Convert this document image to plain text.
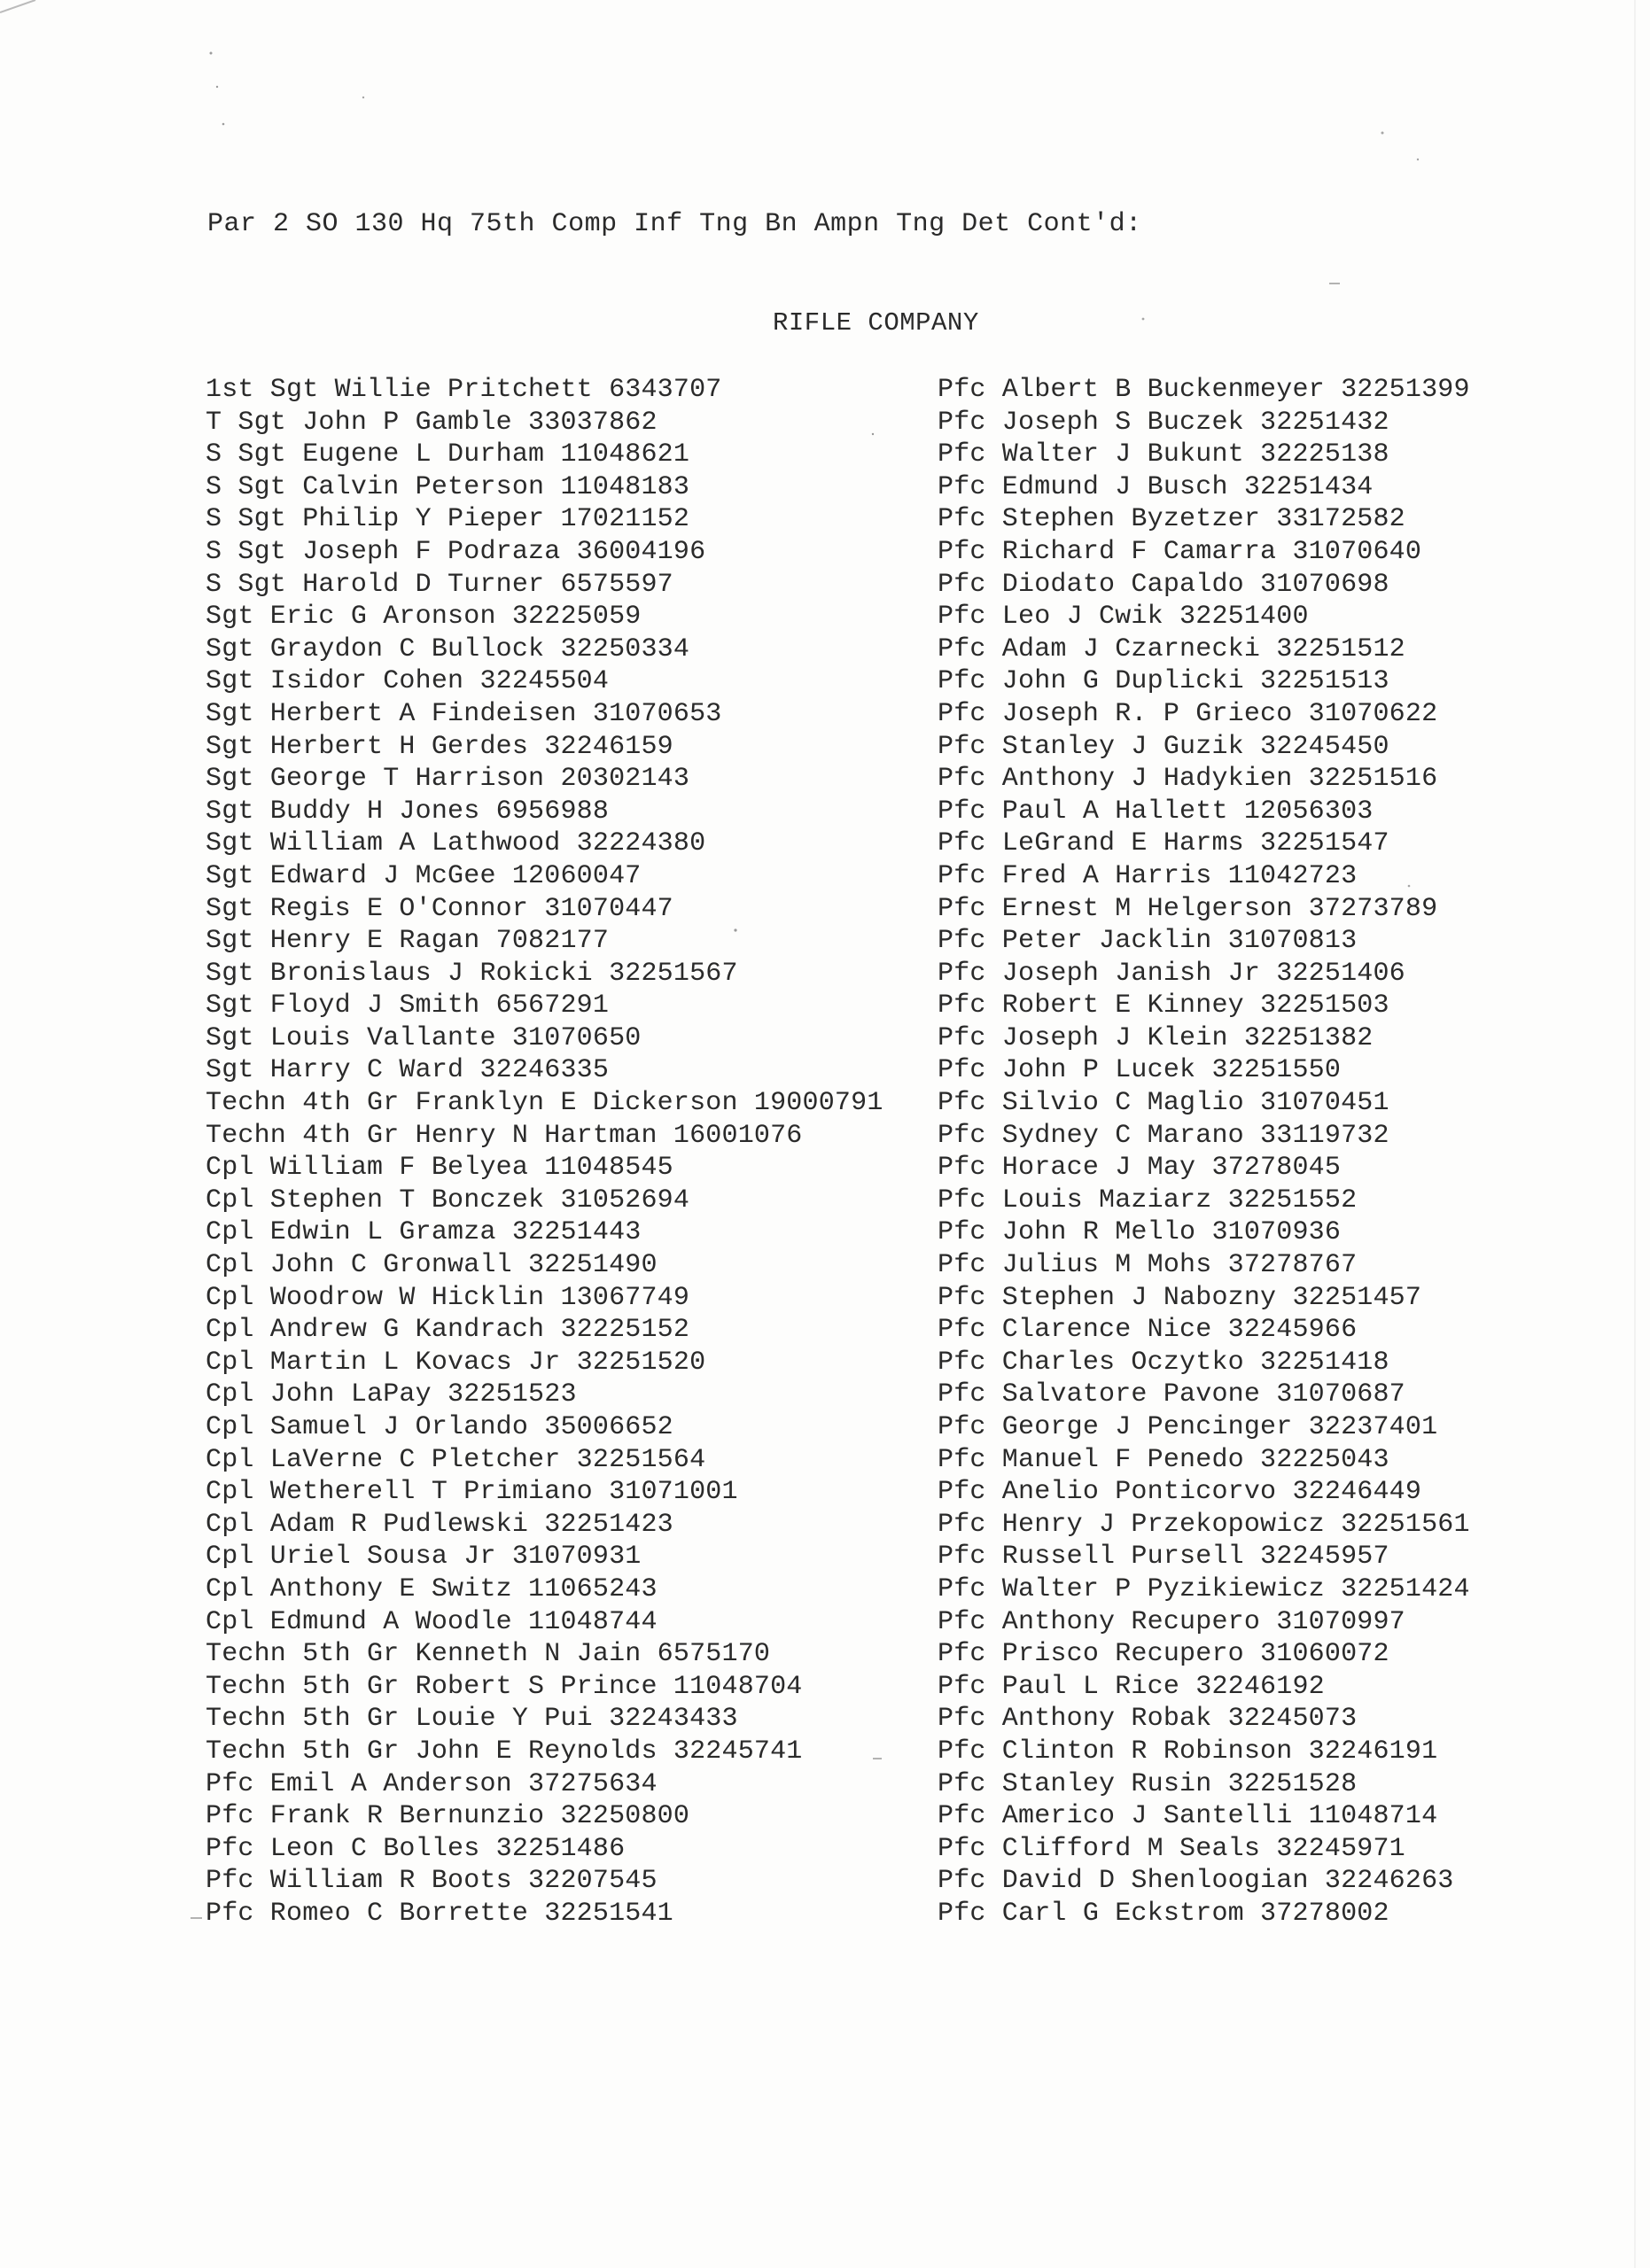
Par 2 SO 130 Hq 75th Comp Inf Tng Bn Ampn Tng Det Cont'd:
RIFLE COMPANY
1st Sgt Willie Pritchett 6343707
T Sgt John P Gamble 33037862
S Sgt Eugene L Durham 11048621
S Sgt Calvin Peterson 11048183
S Sgt Philip Y Pieper 17021152
S Sgt Joseph F Podraza 36004196
S Sgt Harold D Turner 6575597
Sgt Eric G Aronson 32225059
Sgt Graydon C Bullock 32250334
Sgt Isidor Cohen 32245504
Sgt Herbert A Findeisen 31070653
Sgt Herbert H Gerdes 32246159
Sgt George T Harrison 20302143
Sgt Buddy H Jones 6956988
Sgt William A Lathwood 32224380
Sgt Edward J McGee 12060047
Sgt Regis E O'Connor 31070447
Sgt Henry E Ragan 7082177
Sgt Bronislaus J Rokicki 32251567
Sgt Floyd J Smith 6567291
Sgt Louis Vallante 31070650
Sgt Harry C Ward 32246335
Techn 4th Gr Franklyn E Dickerson 19000791
Techn 4th Gr Henry N Hartman 16001076
Cpl William F Belyea 11048545
Cpl Stephen T Bonczek 31052694
Cpl Edwin L Gramza 32251443
Cpl John C Gronwall 32251490
Cpl Woodrow W Hicklin 13067749
Cpl Andrew G Kandrach 32225152
Cpl Martin L Kovacs Jr 32251520
Cpl John LaPay 32251523
Cpl Samuel J Orlando 35006652
Cpl LaVerne C Pletcher 32251564
Cpl Wetherell T Primiano 31071001
Cpl Adam R Pudlewski 32251423
Cpl Uriel Sousa Jr 31070931
Cpl Anthony E Switz 11065243
Cpl Edmund A Woodle 11048744
Techn 5th Gr Kenneth N Jain 6575170
Techn 5th Gr Robert S Prince 11048704
Techn 5th Gr Louie Y Pui 32243433
Techn 5th Gr John E Reynolds 32245741
Pfc Emil A Anderson 37275634
Pfc Frank R Bernunzio 32250800
Pfc Leon C Bolles 32251486
Pfc William R Boots 32207545
Pfc Romeo C Borrette 32251541
Pfc Albert B Buckenmeyer 32251399
Pfc Joseph S Buczek 32251432
Pfc Walter J Bukunt 32225138
Pfc Edmund J Busch 32251434
Pfc Stephen Byzetzer 33172582
Pfc Richard F Camarra 31070640
Pfc Diodato Capaldo 31070698
Pfc Leo J Cwik 32251400
Pfc Adam J Czarnecki 32251512
Pfc John G Duplicki 32251513
Pfc Joseph R. P Grieco 31070622
Pfc Stanley J Guzik 32245450
Pfc Anthony J Hadykien 32251516
Pfc Paul A Hallett 12056303
Pfc LeGrand E Harms 32251547
Pfc Fred A Harris 11042723
Pfc Ernest M Helgerson 37273789
Pfc Peter Jacklin 31070813
Pfc Joseph Janish Jr 32251406
Pfc Robert E Kinney 32251503
Pfc Joseph J Klein 32251382
Pfc John P Lucek 32251550
Pfc Silvio C Maglio 31070451
Pfc Sydney C Marano 33119732
Pfc Horace J May 37278045
Pfc Louis Maziarz 32251552
Pfc John R Mello 31070936
Pfc Julius M Mohs 37278767
Pfc Stephen J Nabozny 32251457
Pfc Clarence Nice 32245966
Pfc Charles Oczytko 32251418
Pfc Salvatore Pavone 31070687
Pfc George J Pencinger 32237401
Pfc Manuel F Penedo 32225043
Pfc Anelio Ponticorvo 32246449
Pfc Henry J Przekopowicz 32251561
Pfc Russell Pursell 32245957
Pfc Walter P Pyzikiewicz 32251424
Pfc Anthony Recupero 31070997
Pfc Prisco Recupero 31060072
Pfc Paul L Rice 32246192
Pfc Anthony Robak 32245073
Pfc Clinton R Robinson 32246191
Pfc Stanley Rusin 32251528
Pfc Americo J Santelli 11048714
Pfc Clifford M Seals 32245971
Pfc David D Shenloogian 32246263
Pfc Carl G Eckstrom 37278002
